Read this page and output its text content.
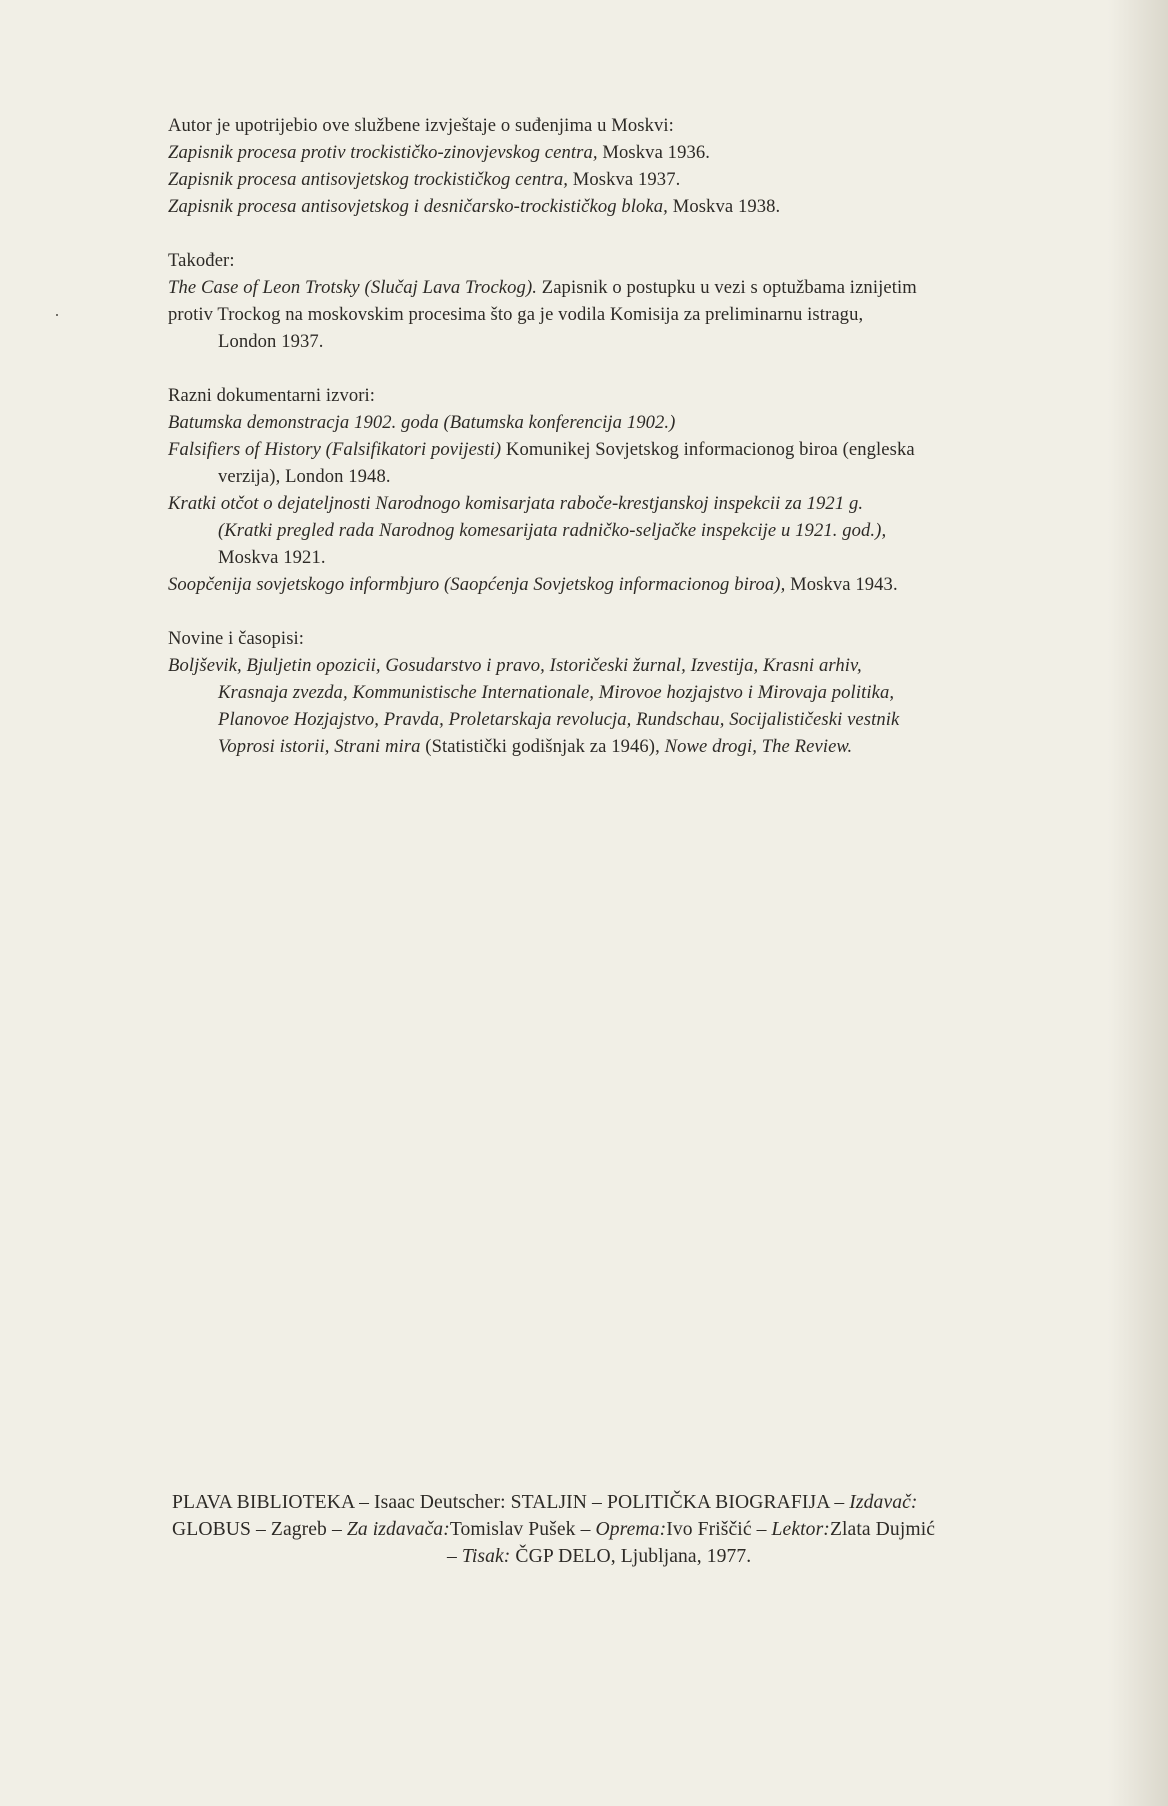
Autor je upotrijebio ove službene izvještaje o suđenjima u Moskvi:
Zapisnik procesa protiv trockističko-zinovjevskog centra, Moskva 1936.
Zapisnik procesa antisovjetskog trockističkog centra, Moskva 1937.
Zapisnik procesa antisovjetskog i desničarsko-trockističkog bloka, Moskva 1938.
Također:
The Case of Leon Trotsky (Slučaj Lava Trockog). Zapisnik o postupku u vezi s optužbama iznijetim
protiv Trockog na moskovskim procesima što ga je vodila Komisija za preliminarnu istragu,
London 1937.
Razni dokumentarni izvori:
Batumska demonstracja 1902. goda (Batumska konferencija 1902.)
Falsifiers of History (Falsifikatori povijesti) Komunikej Sovjetskog informacionog biroa (engleska
verzija), London 1948.
Kratki otčot o dejateljnosti Narodnogo komisarjata raboče-krestjanskoj inspekcii za 1921 g.
(Kratki pregled rada Narodnog komesarijata radničko-seljačke inspekcije u 1921. god.),
Moskva 1921.
Soopčenija sovjetskogo informbjuro (Saopćenja Sovjetskog informacionog biroa), Moskva 1943.
Novine i časopisi:
Boljševik, Bjuljetin opozicii, Gosudarstvo i pravo, Istoričeski žurnal, Izvestija, Krasni arhiv,
Krasnaja zvezda, Kommunistische Internationale, Mirovoe hozjajstvo i Mirovaja politika,
Planovoe Hozjajstvo, Pravda, Proletarskaja revolucja, Rundschau, Socijalističeski vestnik
Voprosi istorii, Strani mira (Statistički godišnjak za 1946), Nowe drogi, The Review.
PLAVA BIBLIOTEKA – Isaac Deutscher: STALJIN – POLITIČKA BIOGRAFIJA – Izdavač:
GLOBUS – Zagreb – Za izdavača:Tomislav Pušek – Oprema:Ivo Friščić – Lektor:Zlata Dujmić
– Tisak: ČGP DELO, Ljubljana, 1977.
